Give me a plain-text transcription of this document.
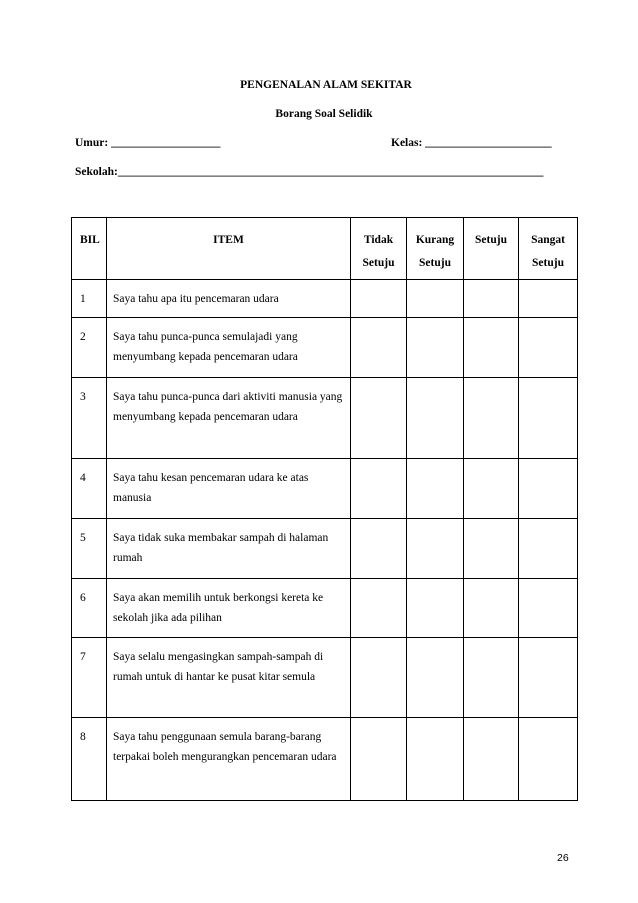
PENGENALAN ALAM SEKITAR
Borang Soal Selidik
Umur: ___________________	Kelas: ______________________
Sekolah:__________________________________________________________________________
BIL	ITEM	Tidak Setuju	Kurang Setuju	Setuju	Sangat Setuju

1	Saya tahu apa itu pencemaran udara				

2	Saya tahu punca-punca semulajadi yang menyumbang kepada pencemaran udara				

3	Saya tahu punca-punca dari aktiviti manusia yang menyumbang kepada pencemaran udara				

4	Saya tahu kesan pencemaran udara ke atas manusia				

5	Saya tidak suka membakar sampah di halaman rumah				

6	Saya akan memilih untuk berkongsi kereta ke sekolah jika ada pilihan				

7	Saya selalu mengasingkan sampah-sampah di rumah untuk di hantar ke pusat kitar semula				

8	Saya tahu penggunaan semula barang-barang terpakai boleh mengurangkan pencemaran udara				

26
